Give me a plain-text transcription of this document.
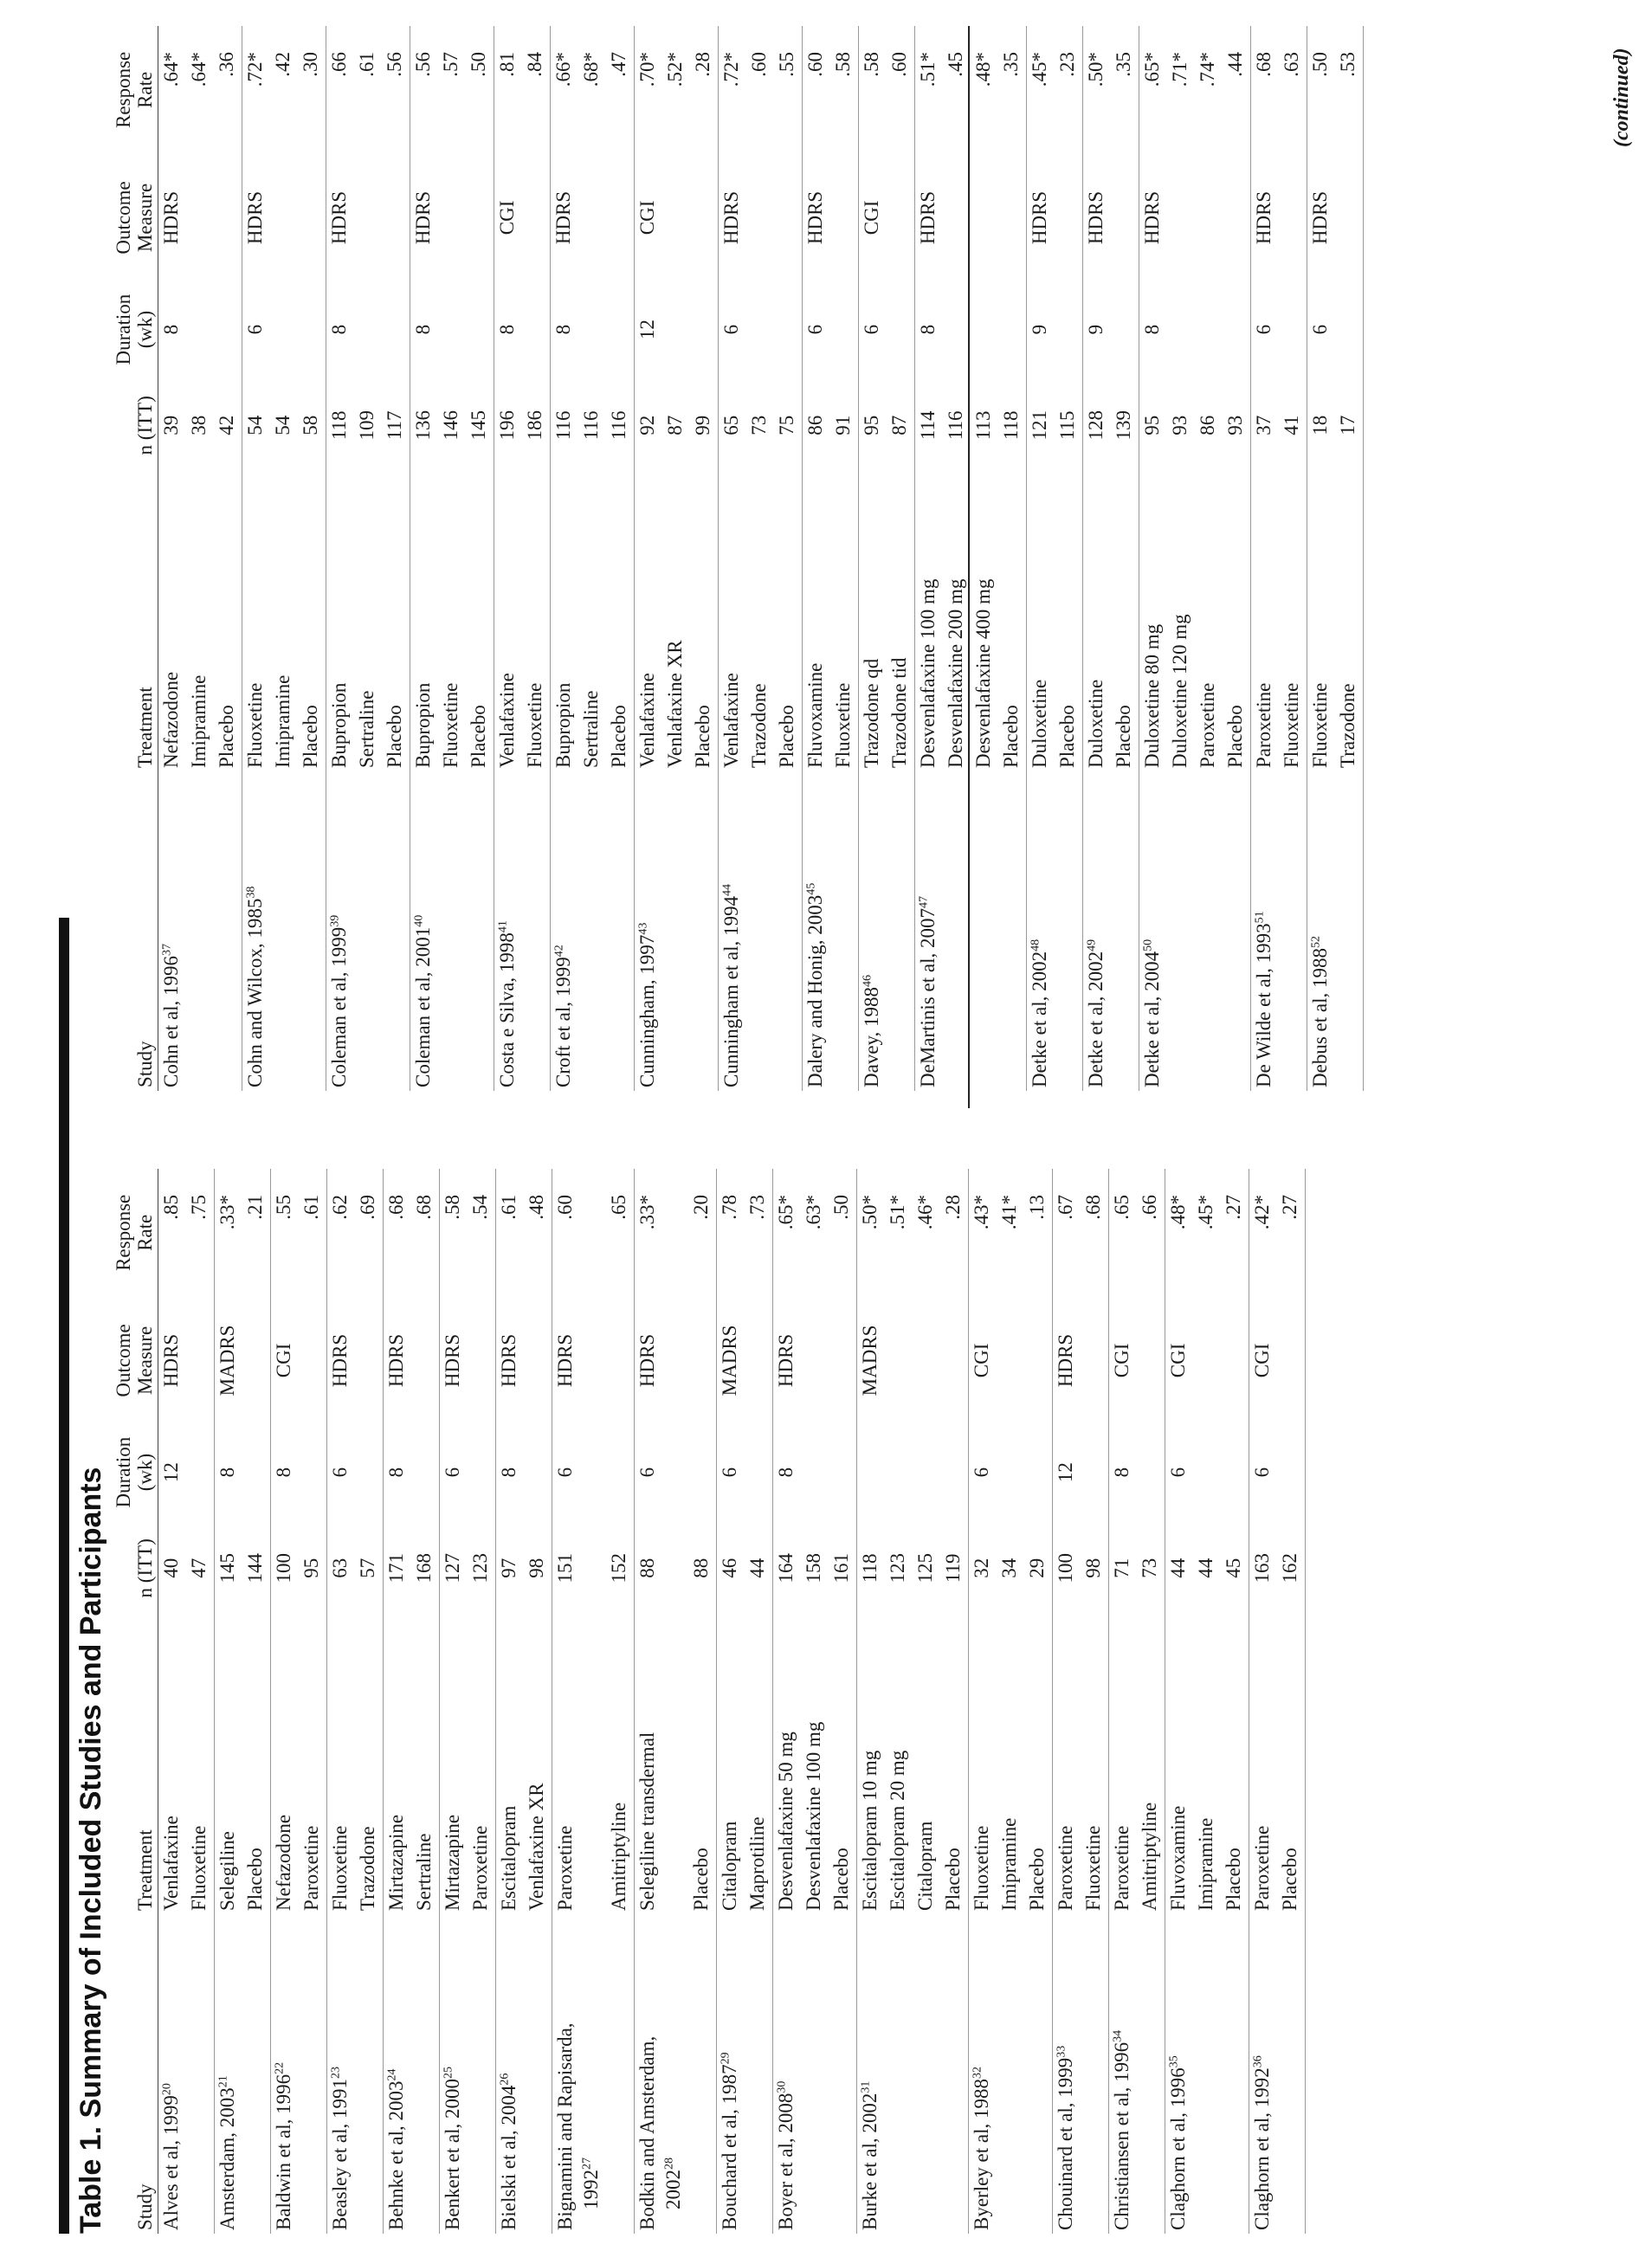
Table 1. Summary of Included Studies and Participants Study	Treatment	n (ITT)	Duration (wk)	Outcome Measure	Response Rate

Alves et al, 1999$^{20}$	Venlafaxine	40	12	HDRS	.85
	Fluoxetine	47			.75

Amsterdam, 2003$^{21}$	Selegiline	145	8	MADRS	.33*
	Placebo	144			.21

Baldwin et al, 1996$^{22}$	Nefazodone	100	8	CGI	.55
	Paroxetine	95			.61

Beasley et al, 1991$^{23}$	Fluoxetine	63	6	HDRS	.62
	Trazodone	57			.69

Behnke et al, 2003$^{24}$	Mirtazapine	171	8	HDRS	.68
	Sertraline	168			.68

Benkert et al, 2000$^{25}$	Mirtazapine	127	6	HDRS	.58
	Paroxetine	123			.54

Bielski et al, 2004$^{26}$	Escitalopram	97	8	HDRS	.61
	Venlafaxine XR	98			.48

Bignamini and Rapisarda, 1992$^{27}$	Paroxetine	151	6	HDRS	.60
	Amitriptyline	152			.65

Bodkin and Amsterdam, 2002$^{28}$	Selegiline transdermal	88	6	HDRS	.33*
	Placebo	88			.20

Bouchard et al, 1987$^{29}$	Citalopram	46	6	MADRS	.78
	Maprotiline	44			.73

Boyer et al, 2008$^{30}$	Desvenlafaxine 50 mg	164	8	HDRS	.65*
	Desvenlafaxine 100 mg	158			.63*
	Placebo	161			.50

Burke et al, 2002$^{31}$	Escitalopram 10 mg	118		MADRS	.50*
	Escitalopram 20 mg	123			.51*
	Citalopram	125			.46*
	Placebo	119			.28

Byerley et al, 1988$^{32}$	Fluoxetine	32	6	CGI	.43*
	Imipramine	34			.41*
	Placebo	29			.13

Chouinard et al, 1999$^{33}$	Paroxetine	100	12	HDRS	.67
	Fluoxetine	98			.68

Christiansen et al, 1996$^{34}$	Paroxetine	71	8	CGI	.65
	Amitriptyline	73			.66

Claghorn et al, 1996$^{35}$	Fluvoxamine	44	6	CGI	.48*
	Imipramine	44			.45*
	Placebo	45			.27

Claghorn et al, 1992$^{36}$	Paroxetine	163	6	CGI	.42*
	Placebo	162			.27
Study	Treatment	n (ITT)	Duration (wk)	Outcome Measure	Response Rate

Cohn et al, 1996$^{37}$	Nefazodone	39	8	HDRS	.64*
	Imipramine	38			.64*
	Placebo	42			.36

Cohn and Wilcox, 1985$^{38}$	Fluoxetine	54	6	HDRS	.72*
	Imipramine	54			.42
	Placebo	58			.30

Coleman et al, 1999$^{39}$	Bupropion	118	8	HDRS	.66
	Sertraline	109			.61
	Placebo	117			.56

Coleman et al, 2001$^{40}$	Bupropion	136	8	HDRS	.56
	Fluoxetine	146			.57
	Placebo	145			.50

Costa e Silva, 1998$^{41}$	Venlafaxine	196	8	CGI	.81
	Fluoxetine	186			.84

Croft et al, 1999$^{42}$	Bupropion	116	8	HDRS	.66*
	Sertraline	116			.68*
	Placebo	116			.47

Cunningham, 1997$^{43}$	Venlafaxine	92	12	CGI	.70*
	Venlafaxine XR	87			.52*
	Placebo	99			.28

Cunningham et al, 1994$^{44}$	Venlafaxine	65	6	HDRS	.72*
	Trazodone	73			.60
	Placebo	75			.55

Dalery and Honig, 2003$^{45}$	Fluvoxamine	86	6	HDRS	.60
	Fluoxetine	91			.58

Davey, 1988$^{46}$	Trazodone qd	95	6	CGI	.58
	Trazodone tid	87			.60

DeMartinis et al, 2007$^{47}$	Desvenlafaxine 100 mg	114	8	HDRS	.51*
	Desvenlafaxine 200 mg	116			.45
	Desvenlafaxine 400 mg	113			.48*
	Placebo	118			.35

Detke et al, 2002$^{48}$	Duloxetine	121	9	HDRS	.45*
	Placebo	115			.23

Detke et al, 2002$^{49}$	Duloxetine	128	9	HDRS	.50*
	Placebo	139			.35

Detke et al, 2004$^{50}$	Duloxetine 80 mg	95	8	HDRS	.65*
	Duloxetine 120 mg	93			.71*
	Paroxetine	86			.74*
	Placebo	93			.44

De Wilde et al, 1993$^{51}$	Paroxetine	37	6	HDRS	.68
	Fluoxetine	41			.63

Debus et al, 1988$^{52}$	Fluoxetine	18	6	HDRS	.50
	Trazodone	17			.53	(continued)
